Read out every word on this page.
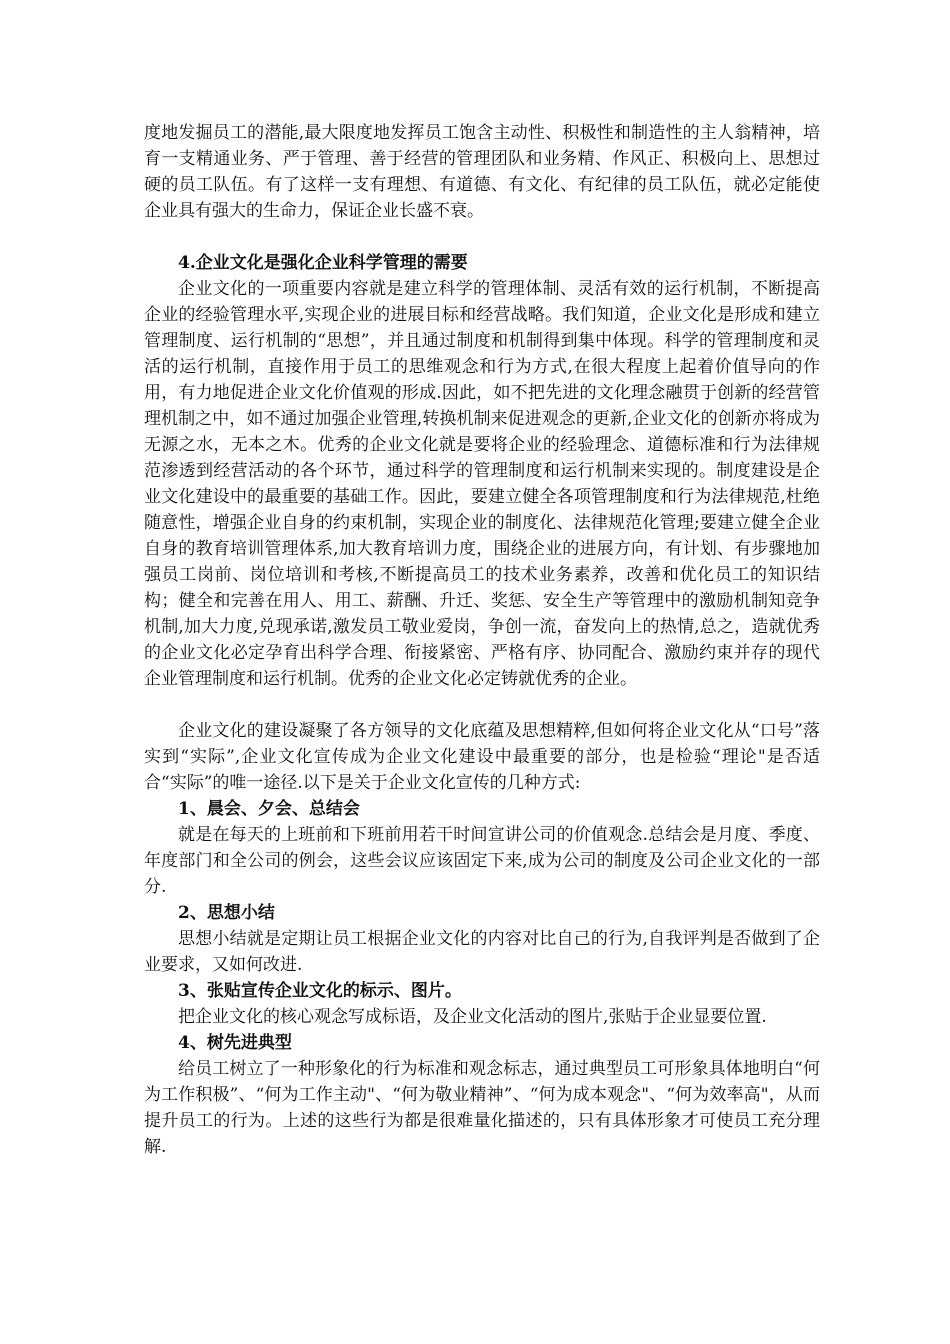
度地发掘员工的潜能,最大限度地发挥员工饱含主动性、积极性和制造性的主人翁精神，培育一支精通业务、严于管理、善于经营的管理团队和业务精、作风正、积极向上、思想过硬的员工队伍。有了这样一支有理想、有道德、有文化、有纪律的员工队伍，就必定能使企业具有强大的生命力，保证企业长盛不衰。

4.企业文化是强化企业科学管理的需要

企业文化的一项重要内容就是建立科学的管理体制、灵活有效的运行机制，不断提高企业的经验管理水平,实现企业的进展目标和经营战略。我们知道，企业文化是形成和建立管理制度、运行机制的“思想”，并且通过制度和机制得到集中体现。科学的管理制度和灵活的运行机制，直接作用于员工的思维观念和行为方式,在很大程度上起着价值导向的作用，有力地促进企业文化价值观的形成.因此，如不把先进的文化理念融贯于创新的经营管理机制之中，如不通过加强企业管理,转换机制来促进观念的更新,企业文化的创新亦将成为无源之水，无本之木。优秀的企业文化就是要将企业的经验理念、道德标准和行为法律规范渗透到经营活动的各个环节，通过科学的管理制度和运行机制来实现的。制度建设是企业文化建设中的最重要的基础工作。因此，要建立健全各项管理制度和行为法律规范,杜绝随意性，增强企业自身的约束机制，实现企业的制度化、法律规范化管理;要建立健全企业自身的教育培训管理体系,加大教育培训力度，围绕企业的进展方向，有计划、有步骤地加强员工岗前、岗位培训和考核,不断提高员工的技术业务素养，改善和优化员工的知识结构；健全和完善在用人、用工、薪酬、升迁、奖惩、安全生产等管理中的激励机制知竞争机制,加大力度,兑现承诺,激发员工敬业爱岗，争创一流，奋发向上的热情,总之，造就优秀的企业文化必定孕育出科学合理、衔接紧密、严格有序、协同配合、激励约束并存的现代企业管理制度和运行机制。优秀的企业文化必定铸就优秀的企业。

企业文化的建设凝聚了各方领导的文化底蕴及思想精粹,但如何将企业文化从“口号”落实到“实际”,企业文化宣传成为企业文化建设中最重要的部分，也是检验“理论"是否适合“实际”的唯一途径.以下是关于企业文化宣传的几种方式:

1、晨会、夕会、总结会

就是在每天的上班前和下班前用若干时间宣讲公司的价值观念.总结会是月度、季度、年度部门和全公司的例会，这些会议应该固定下来,成为公司的制度及公司企业文化的一部分.

2、思想小结

思想小结就是定期让员工根据企业文化的内容对比自己的行为,自我评判是否做到了企业要求，又如何改进.

3、张贴宣传企业文化的标示、图片。

把企业文化的核心观念写成标语，及企业文化活动的图片,张贴于企业显要位置.

4、树先进典型

给员工树立了一种形象化的行为标准和观念标志，通过典型员工可形象具体地明白“何为工作积极”、“何为工作主动"、“何为敬业精神”、“何为成本观念"、“何为效率高"，从而提升员工的行为。上述的这些行为都是很难量化描述的，只有具体形象才可使员工充分理解.
